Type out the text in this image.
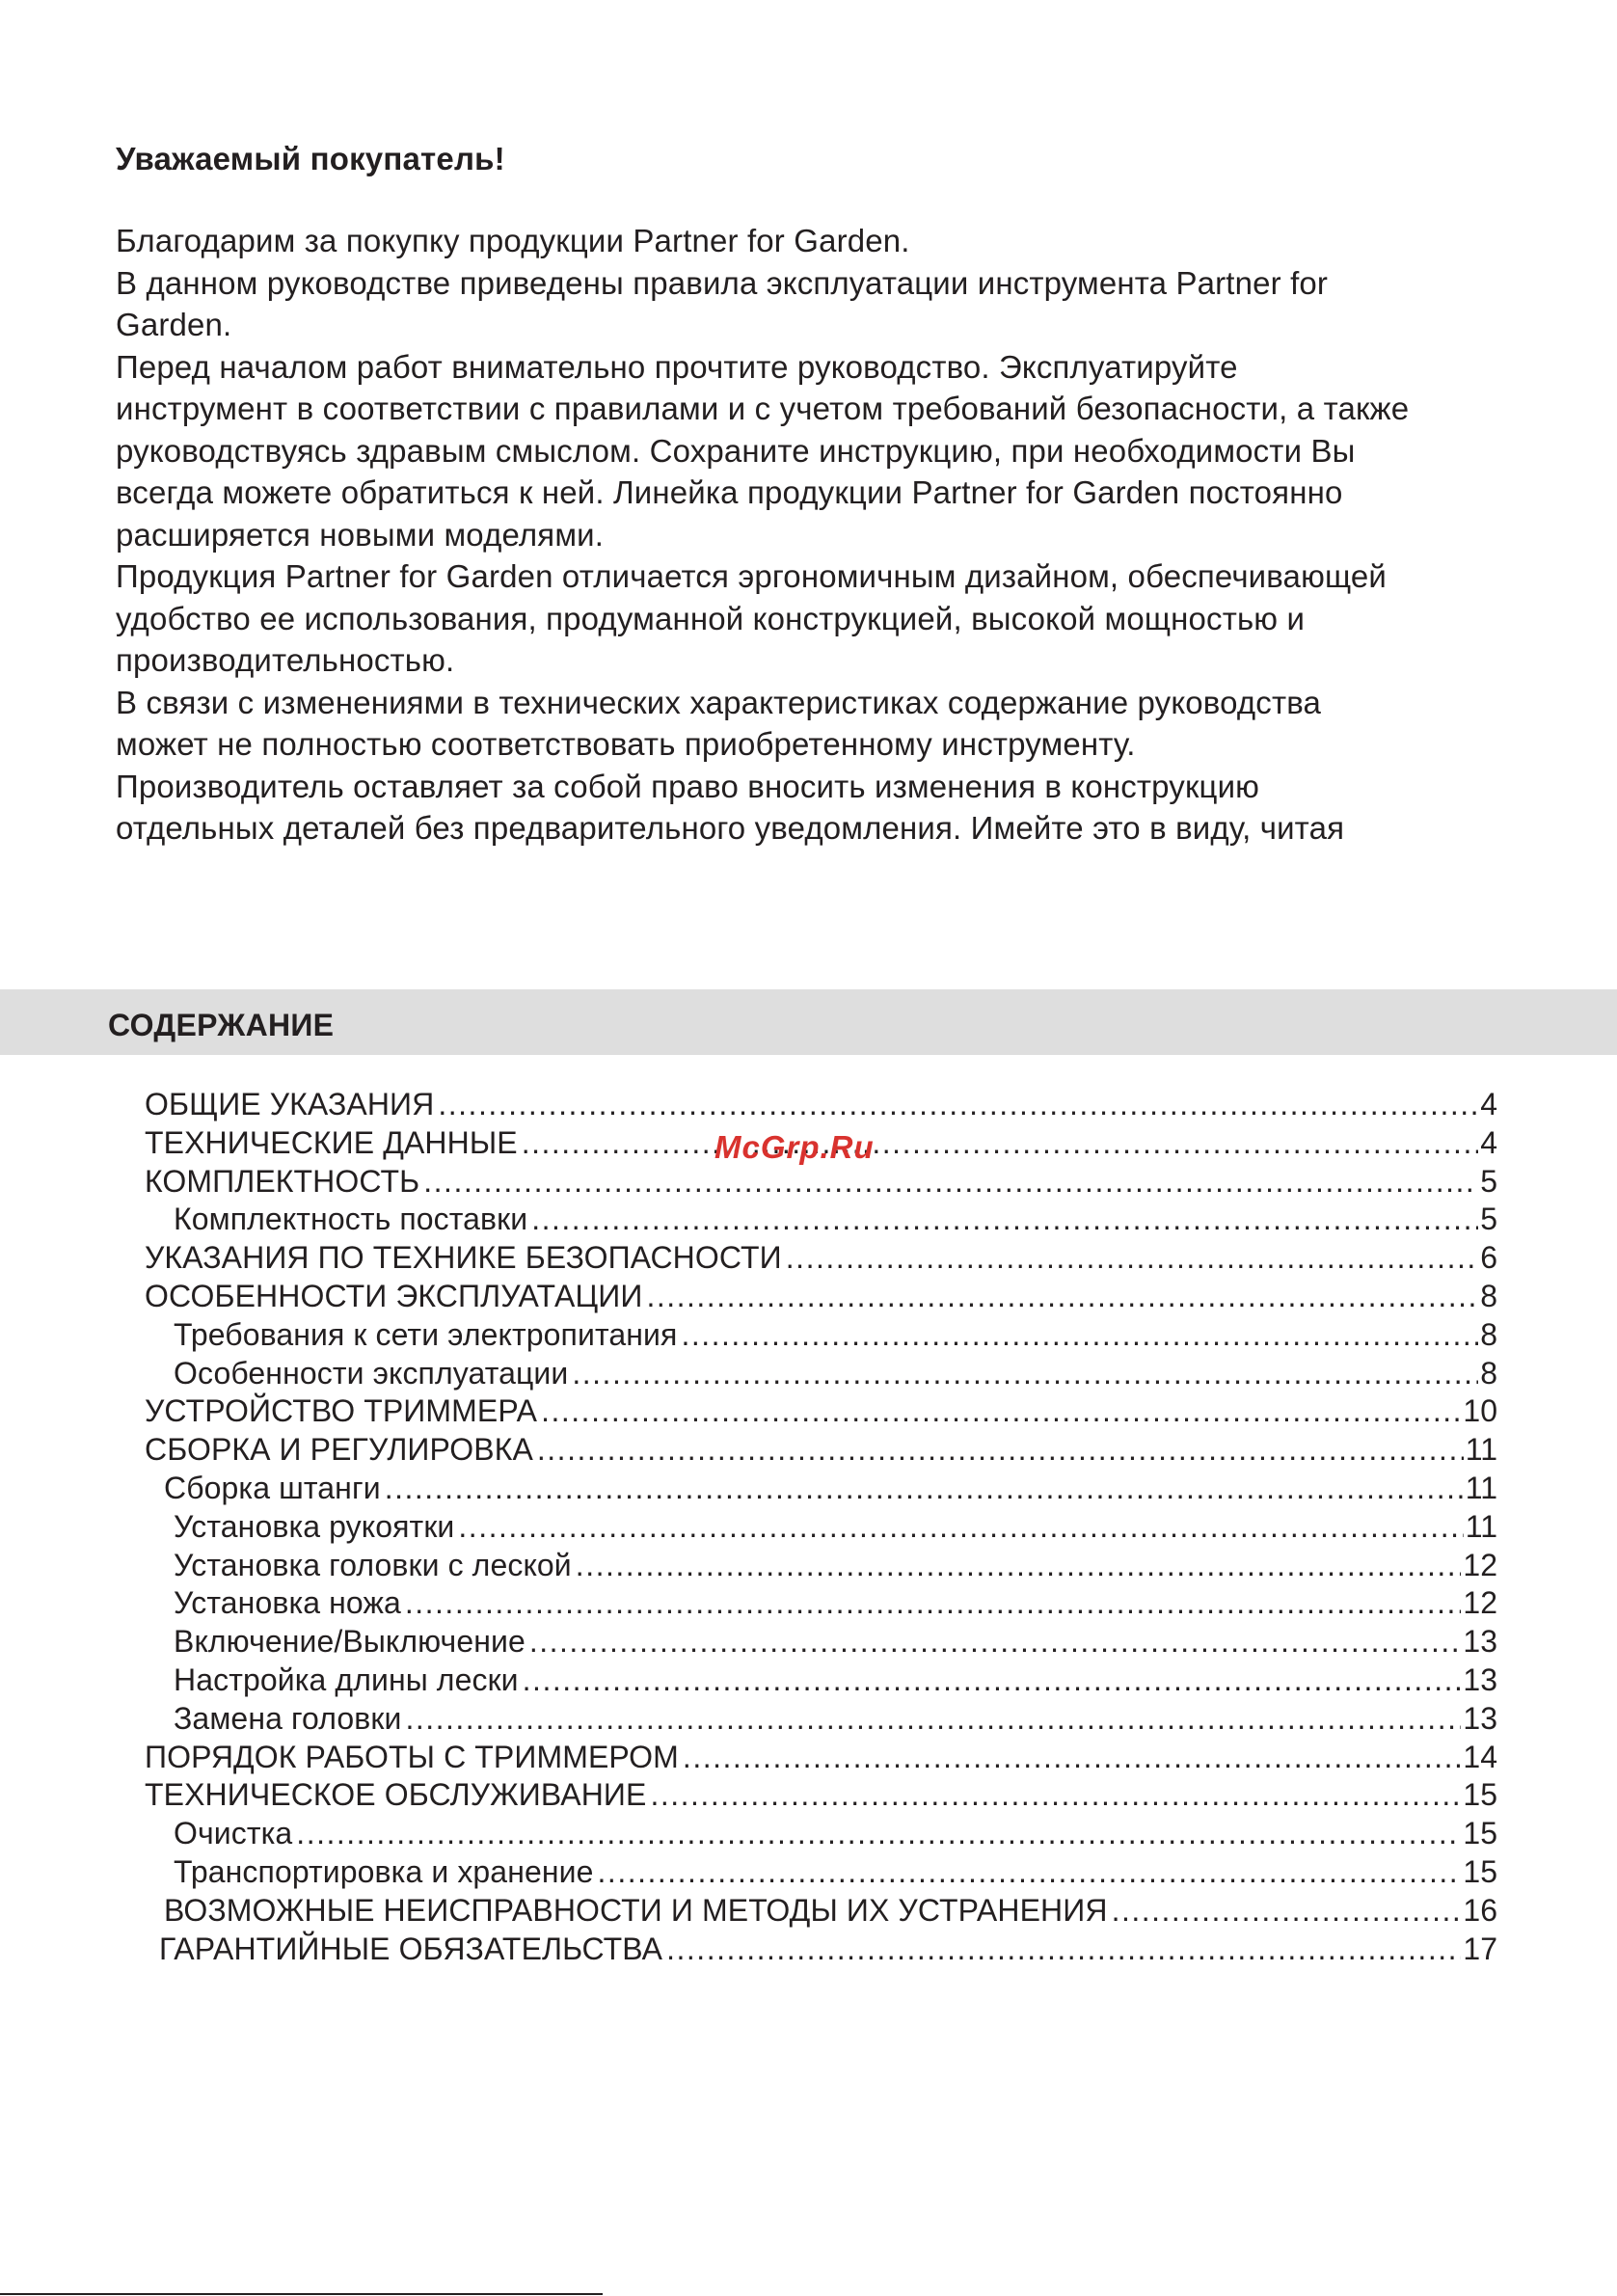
Уважаемый покупатель!
Благодарим за покупку продукции Partner for Garden.
В данном руководстве приведены правила эксплуатации инструмента Partner for
Garden.
Перед началом работ внимательно прочтите руководство. Эксплуатируйте
инструмент в соответствии с правилами и с учетом требований безопасности, а также
руководствуясь здравым смыслом. Сохраните инструкцию, при необходимости Вы
всегда можете обратиться к ней. Линейка продукции Partner for Garden постоянно
расширяется новыми моделями.
Продукция Partner for Garden отличается эргономичным дизайном, обеспечивающей
удобство ее использования, продуманной конструкцией, высокой мощностью и
производительностью.
В связи с изменениями в технических характеристиках содержание руководства
может не полностью соответствовать приобретенному инструменту.
Производитель оставляет за собой право вносить изменения в конструкцию
отдельных деталей без предварительного уведомления. Имейте это в виду, читая
СОДЕРЖАНИЕ
ОБЩИЕ УКАЗАНИЯ .....	4
ТЕХНИЧЕСКИЕ ДАННЫЕ .....	4
КОМПЛЕКТНОСТЬ .....	5
Комплектность поставки .....	5
УКАЗАНИЯ ПО ТЕХНИКЕ БЕЗОПАСНОСТИ .....	6
ОСОБЕННОСТИ ЭКСПЛУАТАЦИИ .....	8
Требования к сети электропитания .....	8
Особенности эксплуатации .....	8
УСТРОЙСТВО ТРИММЕРА .....	10
СБОРКА И РЕГУЛИРОВКА .....	11
Сборка штанги .....	11
Установка рукоятки .....	11
Установка головки с леской .....	12
Установка ножа .....	12
Включение/Выключение .....	13
Настройка длины лески .....	13
Замена головки .....	13
ПОРЯДОК РАБОТЫ С ТРИММЕРОМ .....	14
ТЕХНИЧЕСКОЕ ОБСЛУЖИВАНИЕ .....	15
Очистка .....	15
Транспортировка и хранение .....	15
ВОЗМОЖНЫЕ НЕИСПРАВНОСТИ И МЕТОДЫ ИХ УСТРАНЕНИЯ .....	16
ГАРАНТИЙНЫЕ ОБЯЗАТЕЛЬСТВА .....	17
McGrp.Ru
